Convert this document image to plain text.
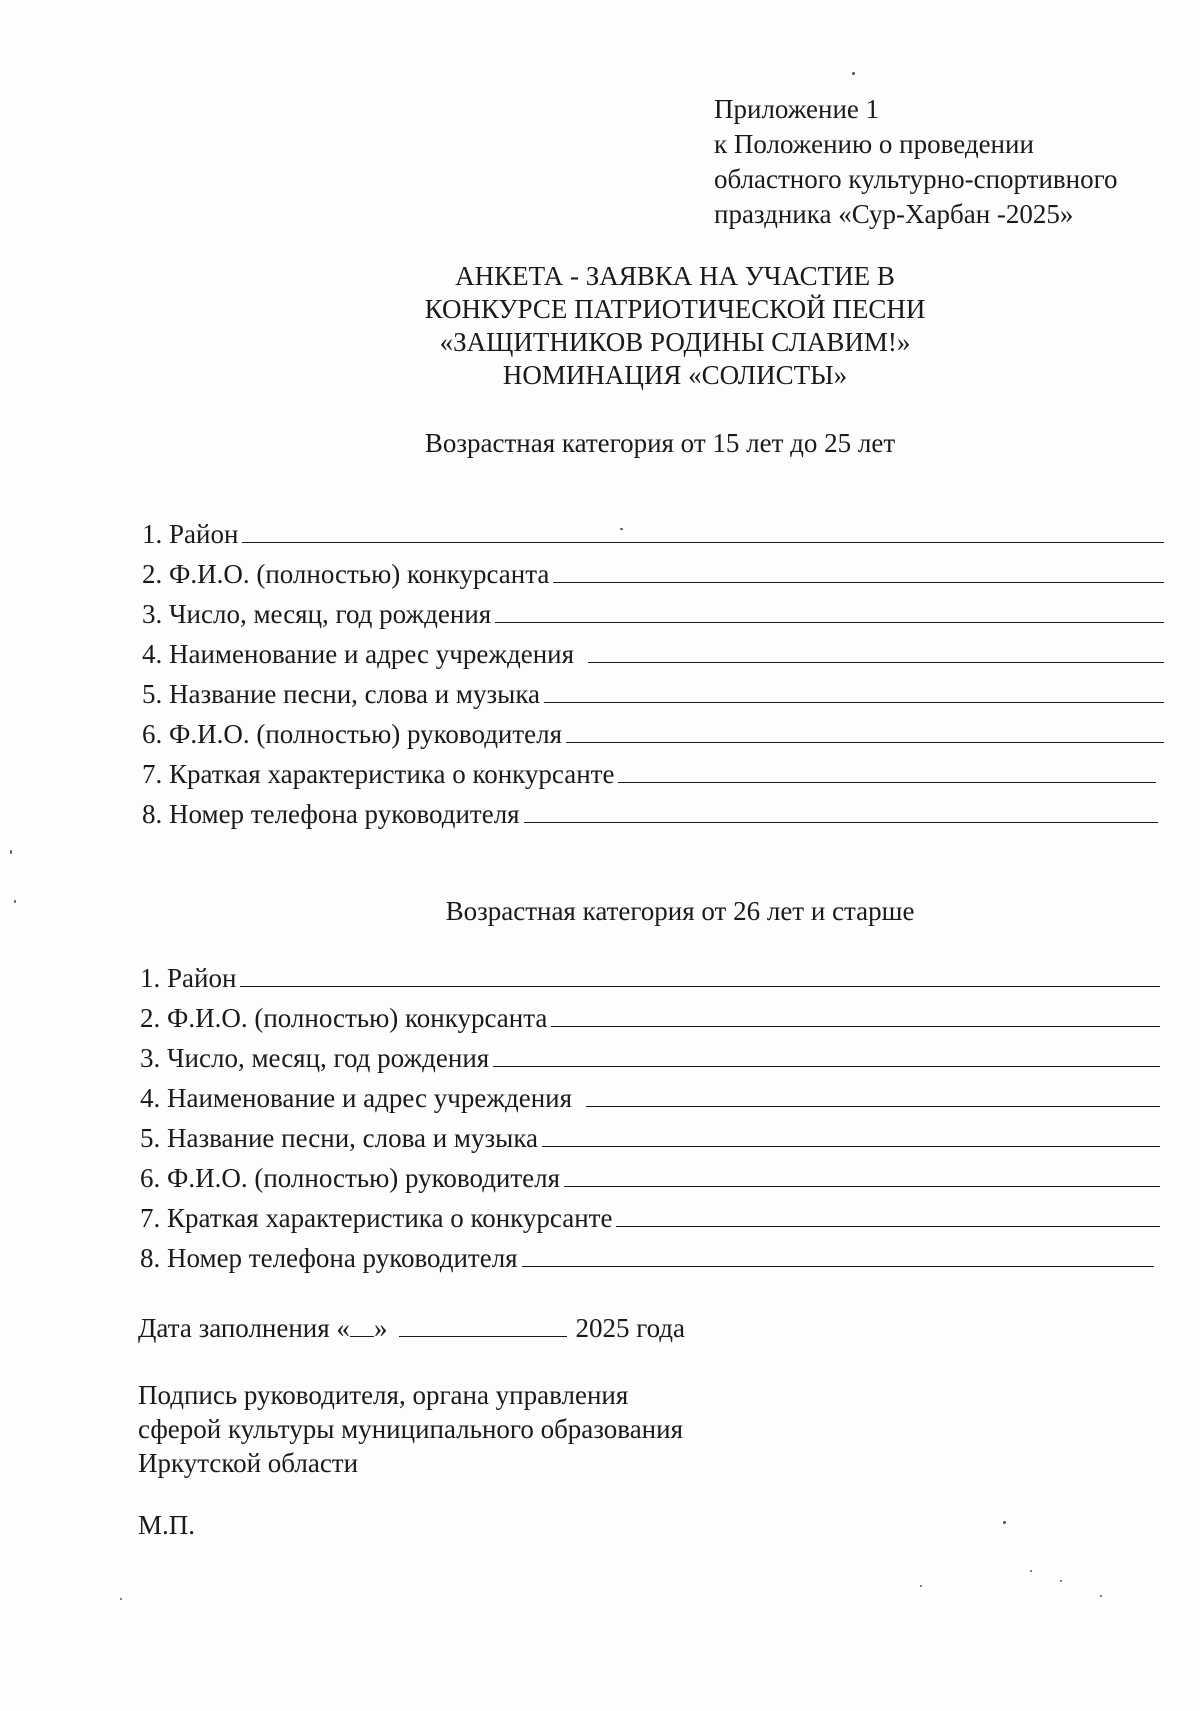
Приложение 1
к Положению о проведении
областного культурно-спортивного
праздника «Сур-Харбан -2025»
АНКЕТА - ЗАЯВКА НА УЧАСТИЕ В
КОНКУРСЕ ПАТРИОТИЧЕСКОЙ ПЕСНИ
«ЗАЩИТНИКОВ РОДИНЫ СЛАВИМ!»
НОМИНАЦИЯ «СОЛИСТЫ»
Возрастная категория от 15 лет до 25 лет
1. Район
2. Ф.И.О. (полностью) конкурсанта
3. Число, месяц, год рождения
4. Наименование и адрес учреждения
5. Название песни, слова и музыка
6. Ф.И.О. (полностью) руководителя
7. Краткая характеристика о конкурсанте
8. Номер телефона руководителя
Возрастная категория от 26 лет и старше
1. Район
2. Ф.И.О. (полностью) конкурсанта
3. Число, месяц, год рождения
4. Наименование и адрес учреждения
5. Название песни, слова и музыка
6. Ф.И.О. (полностью) руководителя
7. Краткая характеристика о конкурсанте
8. Номер телефона руководителя
Дата заполнения « »	2025 года
Подпись руководителя, органа управления
сферой культуры муниципального образования
Иркутской области
М.П.
